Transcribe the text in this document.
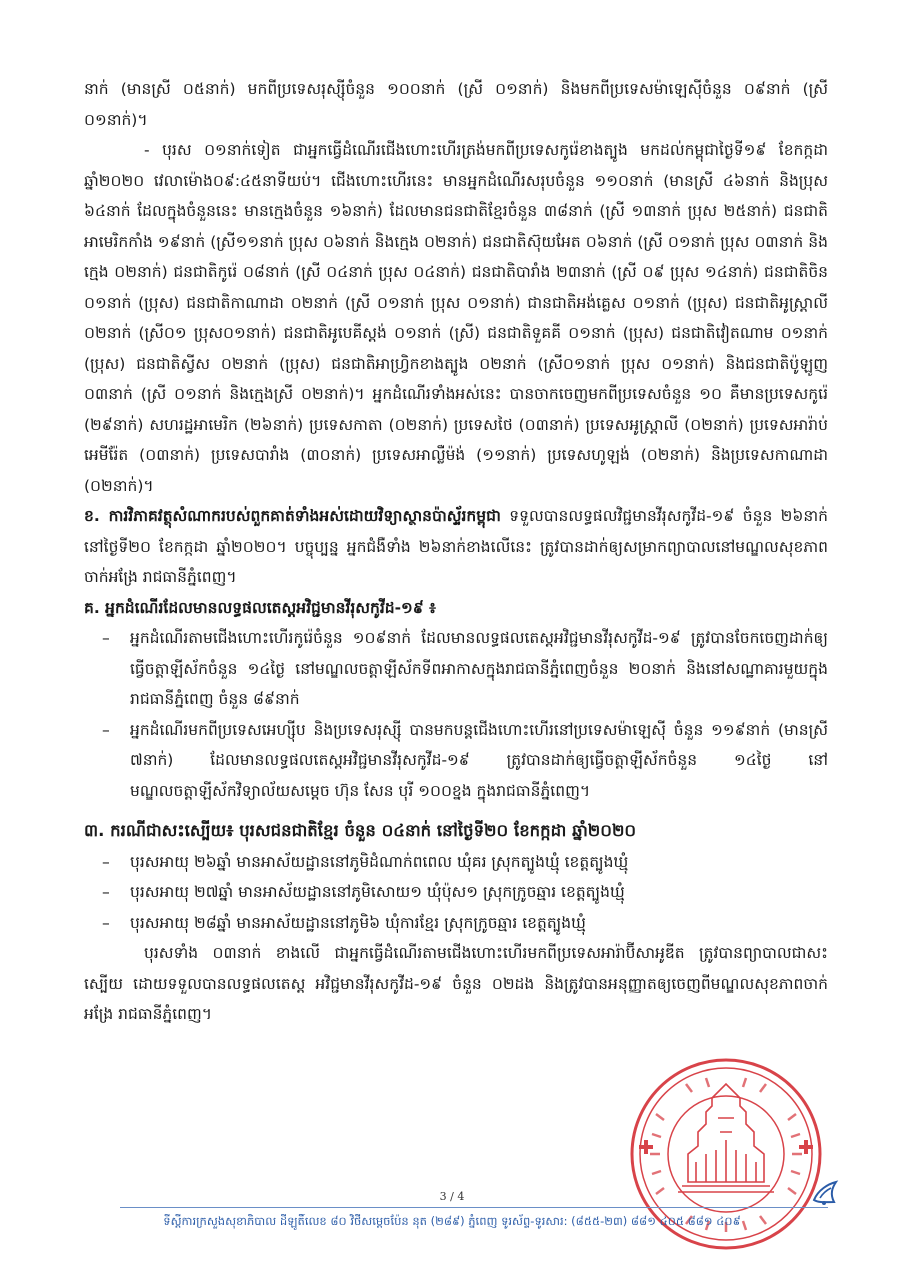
នាក់ (មានស្រី ០៥នាក់) មកពីប្រទេសរុស្ស៊ីចំនួន ១០០នាក់ (ស្រី ០១នាក់) និងមកពីប្រទេសម៉ាឡេស៊ីចំនួន ០៩នាក់ (ស្រី ០១នាក់)។

- បុរស ០១នាក់ទៀត ជាអ្នកធ្វើដំណើរជើងហោះហើរត្រង់មកពីប្រទេសកូរ៉េខាងត្បូង មកដល់កម្ពុជាថ្ងៃទី១៩ ខែកក្កដា ឆ្នាំ២០២០ វេលាម៉ោង០៩:៤៥នាទីយប់។ ជើងហោះហើរនេះ មានអ្នកដំណើរសរុបចំនួន ១១០នាក់ (មានស្រី ៤៦នាក់ និងប្រុស ៦៤នាក់ ដែលក្នុងចំនួននេះ មានក្មេងចំនួន ១៦នាក់) ដែលមានជនជាតិខ្មែរចំនួន ៣៨នាក់ (ស្រី ១៣នាក់ ប្រុស ២៥នាក់) ជនជាតិអាមេរិកកាំង ១៩នាក់ (ស្រី១១នាក់ ប្រុស ០៦នាក់ និងក្មេង ០២នាក់) ជនជាតិស៊ុយអែត ០៦នាក់ (ស្រី ០១នាក់ ប្រុស ០៣នាក់ និងក្មេង ០២នាក់) ជនជាតិកូរ៉េ ០៨នាក់ (ស្រី ០៤នាក់ ប្រុស ០៤នាក់) ជនជាតិបារាំង ២៣នាក់ (ស្រី ០៩ ប្រុស ១៤នាក់) ជនជាតិចិន ០១នាក់ (ប្រុស) ជនជាតិកាណាដា ០២នាក់ (ស្រី ០១នាក់ ប្រុស ០១នាក់) ជានជាតិអង់គ្លេស ០១នាក់ (ប្រុស) ជនជាតិអូស្ត្រាលី ០២នាក់ (ស្រី០១ ប្រុស០១នាក់) ជនជាតិអូបេគីស្តង់ ០១នាក់ (ស្រី) ជនជាតិទួគគី ០១នាក់ (ប្រុស) ជនជាតិវៀតណាម ០១នាក់ (ប្រុស) ជនជាតិស្វីស ០២នាក់ (ប្រុស) ជនជាតិអាហ្វ្រិកខាងត្បូង ០២នាក់ (ស្រី០១នាក់ ប្រុស ០១នាក់) និងជនជាតិប៉ូឡូញ ០៣នាក់ (ស្រី ០១នាក់ និងក្មេងស្រី ០២នាក់)។ អ្នកដំណើរទាំងអស់នេះ បានចាកចេញមកពីប្រទេសចំនួន ១០ គឺមានប្រទេសកូរ៉េ (២៩នាក់) សហរដ្ឋអាមេរិក (២៦នាក់) ប្រទេសកាតា (០២នាក់) ប្រទេសថៃ (០៣នាក់) ប្រទេសអូស្ត្រាលី (០២នាក់) ប្រទេសអារ៉ាប់អេមីរ៉ែត (០៣នាក់) ប្រទេសបារាំង (៣០នាក់) ប្រទេសអាល្លឺម៉ង់ (១១នាក់) ប្រទេសហូឡង់ (០២នាក់) និងប្រទេសកាណាដា (០២នាក់)។

ខ. ការវិភាគវត្ថុសំណាករបស់ពួកគាត់ទាំងអស់ដោយវិទ្យាស្ថានប៉ាស្ទ័រកម្ពុជា ទទួលបានលទ្ធផលវិជ្ជមានវីរុសកូវីដ-១៩ ចំនួន ២៦នាក់ នៅថ្ងៃទី២០ ខែកក្កដា ឆ្នាំ២០២០។ បច្ចុប្បន្ន អ្នកជំងឺទាំង ២៦នាក់ខាងលើនេះ ត្រូវបានដាក់ឲ្យសម្រាកព្យាបាលនៅមណ្ឌលសុខភាពចាក់អង្រែ រាជធានីភ្នំពេញ។

គ. អ្នកដំណើរដែលមានលទ្ធផលតេស្តអវិជ្ជមានវីរុសកូវីដ-១៩ ៖

– អ្នកដំណើរតាមជើងហោះហើរកូរ៉េចំនួន ១០៩នាក់ ដែលមានលទ្ធផលតេស្តអវិជ្ជមានវីរុសកូវីដ-១៩ ត្រូវបានចែកចេញដាក់ឲ្យធ្វើចត្តាឡីស័កចំនួន ១៤ថ្ងៃ នៅមណ្ឌលចត្តាឡីស័កទីពអាកាសក្នុងរាជធានីភ្នំពេញចំនួន ២០នាក់ និងនៅសណ្ឋាគារមួយក្នុងរាជធានីភ្នំពេញ ចំនួន ៨៩នាក់
– អ្នកដំណើរមកពីប្រទេសអេហ្ស៊ីប និងប្រទេសរុស្ស៊ី បានមកបន្តជើងហោះហើរនៅប្រទេសម៉ាឡេស៊ី ចំនួន ១១៩នាក់ (មានស្រី ៧នាក់) ដែលមានលទ្ធផលតេស្តអវិជ្ជមានវីរុសកូវីដ-១៩ ត្រូវបានដាក់ឲ្យធ្វើចត្តាឡីស័កចំនួន ១៤ថ្ងៃ នៅមណ្ឌលចត្តាឡីស័កវិទ្យាល័យសម្តេច ហ៊ុន សែន បុរី ១០០ខ្នង ក្នុងរាជធានីភ្នំពេញ។

៣. ករណីជាសះស្បើយ៖ បុរសជនជាតិខ្មែរ ចំនួន ០៤នាក់ នៅថ្ងៃទី២០ ខែកក្កដា ឆ្នាំ២០២០

– បុរសអាយុ ២៦ឆ្នាំ មានអាស័យដ្ឋាននៅភូមិដំណាក់ពពេល ឃុំគរ ស្រុកត្បូងឃ្មុំ ខេត្តត្បូងឃ្មុំ
– បុរសអាយុ ២៧ឆ្នាំ មានអាស័យដ្ឋាននៅភូមិសោយ១ ឃុំប៉ុស១ ស្រុកក្រូចឆ្មារ ខេត្តត្បូងឃ្មុំ
– បុរសអាយុ ២៨ឆ្នាំ មានអាស័យដ្ឋាននៅភូមិ៦ ឃុំការខ្មែរ ស្រុកក្រូចឆ្មារ ខេត្តត្បូងឃ្មុំ

បុរសទាំង ០៣នាក់ ខាងលើ ជាអ្នកធ្វើដំណើរតាមជើងហោះហើរមកពីប្រទេសអារ៉ាប៊ីសាអូឌីត ត្រូវបានព្យាបាលជាសះស្បើយ ដោយទទួលបានលទ្ធផលតេស្ត អវិជ្ជមានវីរុសកូវីដ-១៩ ចំនួន ០២ដង និងត្រូវបានអនុញ្ញាតឲ្យចេញពីមណ្ឌលសុខភាពចាក់អង្រែ រាជធានីភ្នំពេញ។

3 / 4
ទីស្តីការក្រសួងសុខាភិបាល ដីឡូតិ៍លេខ ៨០ វិថីសម្តេចប៉ែន នុត (២៨៩) ភ្នំពេញ ទូរស័ព្ទ-ទូរសារ: (៨៥៥-២៣) ៨៨១ ៤០៥ ៨៨១ ៤០៩
